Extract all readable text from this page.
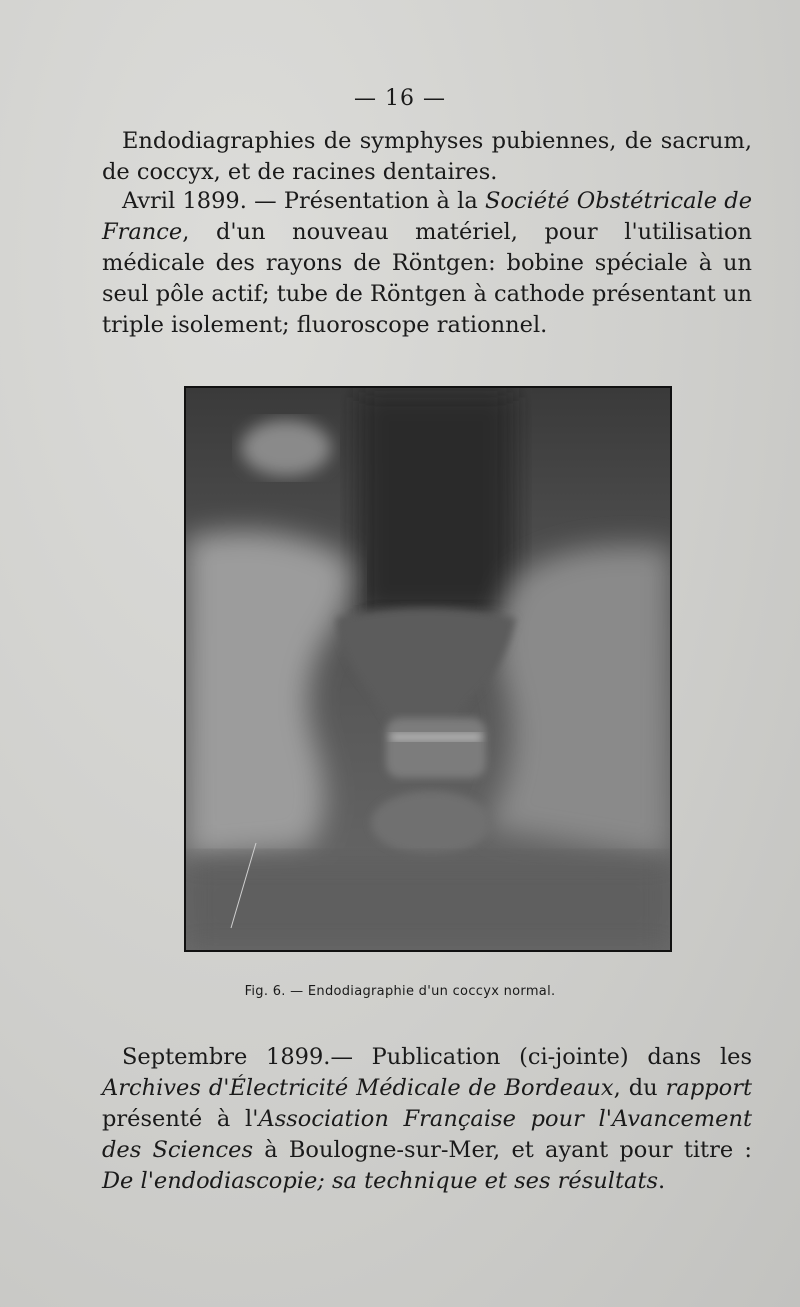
— 16 —
Endodiagraphies de symphyses pubiennes, de sacrum, de coccyx, et de racines dentaires.
Avril 1899. — Présentation à la Société Obstétricale de France, d'un nouveau matériel, pour l'utilisation médicale des rayons de Röntgen: bobine spéciale à un seul pôle actif; tube de Röntgen à cathode présentant un triple isolement; fluoroscope rationnel.
Fig. 6. — Endodiagraphie d'un coccyx normal.
Septembre 1899.— Publication (ci-jointe) dans les Archives d'Électricité Médicale de Bordeaux, du rapport présenté à l'Association Française pour l'Avancement des Sciences à Boulogne-sur-Mer, et ayant pour titre : De l'endodiascopie; sa technique et ses résultats.
